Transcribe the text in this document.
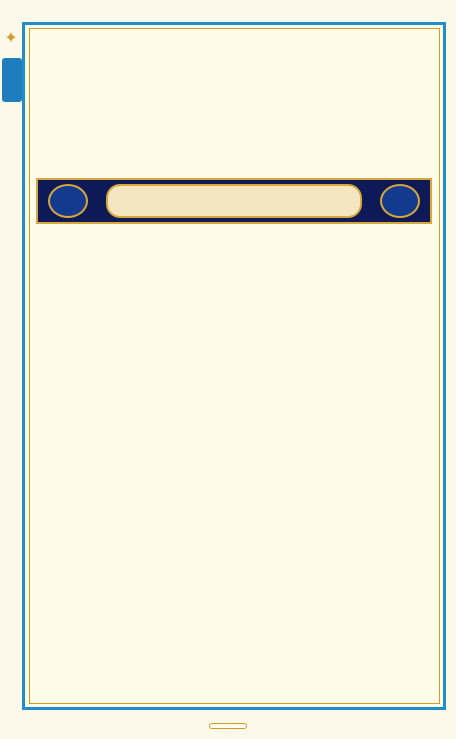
✦
